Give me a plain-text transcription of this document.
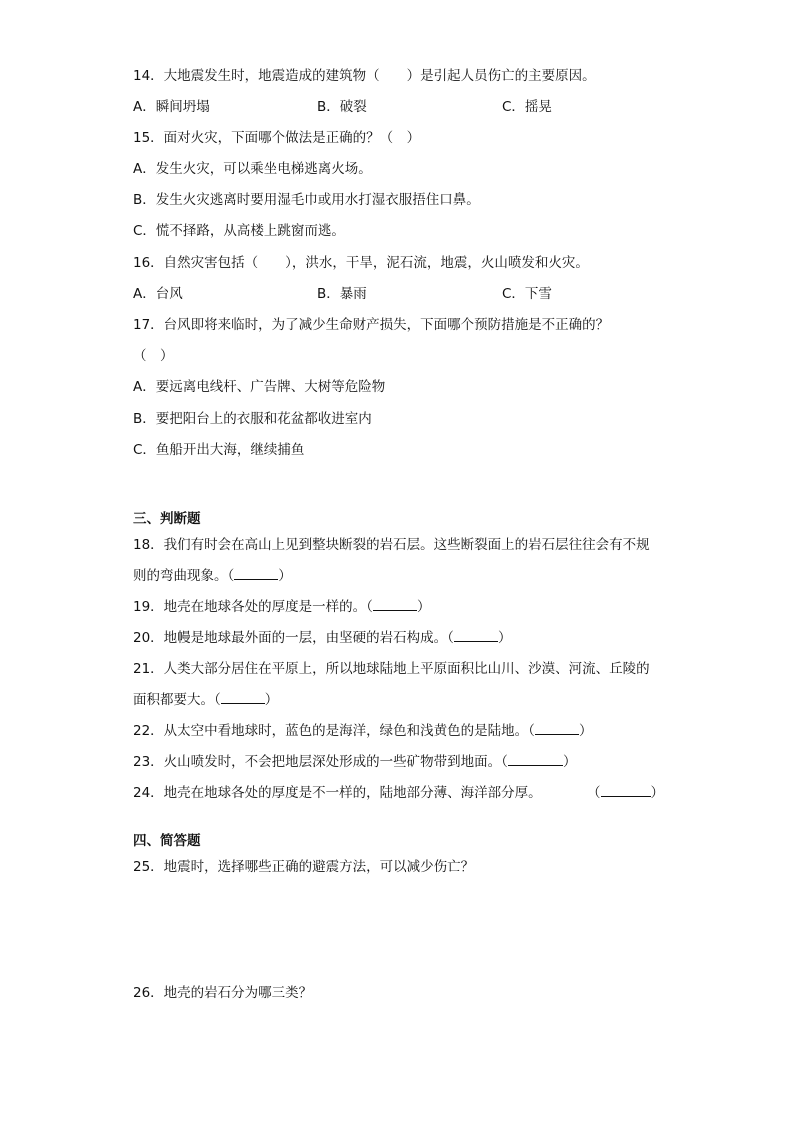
14．大地震发生时，地震造成的建筑物（　　）是引起人员伤亡的主要原因。
A．瞬间坍塌	B．破裂	C．摇晃
15．面对火灾，下面哪个做法是正确的？（　）
A．发生火灾，可以乘坐电梯逃离火场。
B．发生火灾逃离时要用湿毛巾或用水打湿衣服捂住口鼻。
C．慌不择路，从高楼上跳窗而逃。
16．自然灾害包括（　　），洪水，干旱，泥石流，地震，火山喷发和火灾。
A．台风	B．暴雨	C．下雪
17．台风即将来临时，为了减少生命财产损失，下面哪个预防措施是不正确的？
（　）
A．要远离电线杆、广告牌、大树等危险物
B．要把阳台上的衣服和花盆都收进室内
C．鱼船开出大海，继续捕鱼
三、判断题
18．我们有时会在高山上见到整块断裂的岩石层。这些断裂面上的岩石层往往会有不规
则的弯曲现象。（	）
19．地壳在地球各处的厚度是一样的。（	）
20．地幔是地球最外面的一层，由坚硬的岩石构成。（	）
21．人类大部分居住在平原上，所以地球陆地上平原面积比山川、沙漠、河流、丘陵的
面积都要大。（	）
22．从太空中看地球时，蓝色的是海洋，绿色和浅黄色的是陆地。（	）
23．火山喷发时，不会把地层深处形成的一些矿物带到地面。（	）
24．地壳在地球各处的厚度是不一样的，陆地部分薄、海洋部分厚。	（	）
四、简答题
25．地震时，选择哪些正确的避震方法，可以减少伤亡？
26．地壳的岩石分为哪三类？
